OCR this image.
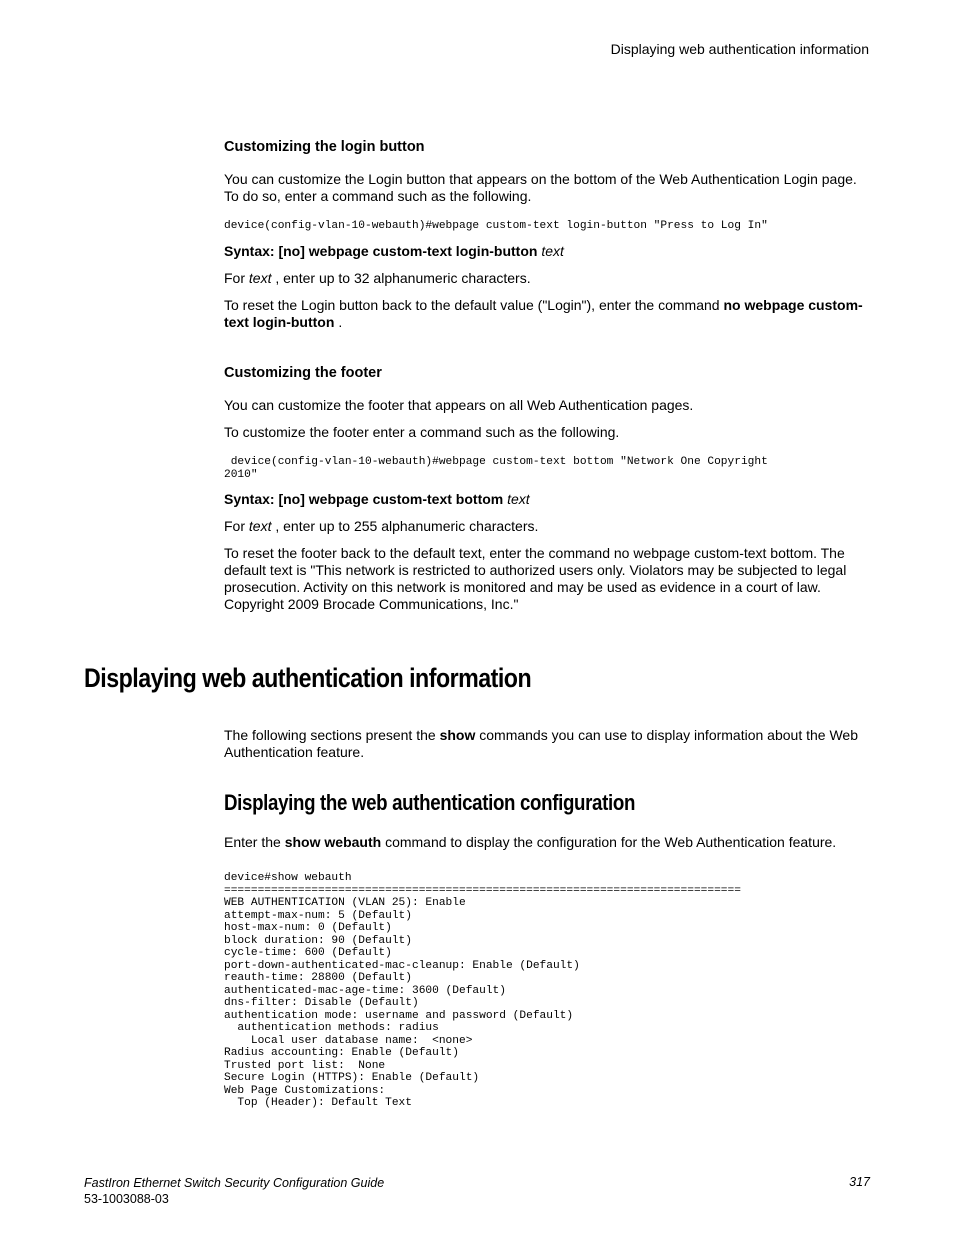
Displaying web authentication information
Customizing the login button

You can customize the Login button that appears on the bottom of the Web Authentication Login page. To do so, enter a command such as the following.

device(config-vlan-10-webauth)#webpage custom-text login-button "Press to Log In"

Syntax: [no] webpage custom-text login-button text

For text , enter up to 32 alphanumeric characters.

To reset the Login button back to the default value ("Login"), enter the command no webpage custom-text login-button .

Customizing the footer

You can customize the footer that appears on all Web Authentication pages.

To customize the footer enter a command such as the following.

device(config-vlan-10-webauth)#webpage custom-text bottom "Network One Copyright
2010"

Syntax: [no] webpage custom-text bottom text

For text , enter up to 255 alphanumeric characters.

To reset the footer back to the default text, enter the command no webpage custom-text bottom. The default text is "This network is restricted to authorized users only. Violators may be subjected to legal prosecution. Activity on this network is monitored and may be used as evidence in a court of law. Copyright 2009 Brocade Communications, Inc."

Displaying web authentication information

The following sections present the show commands you can use to display information about the Web Authentication feature.

Displaying the web authentication configuration

Enter the show webauth command to display the configuration for the Web Authentication feature.

device#show webauth
=============================================================================
WEB AUTHENTICATION (VLAN 25): Enable
attempt-max-num: 5 (Default)
host-max-num: 0 (Default)
block duration: 90 (Default)
cycle-time: 600 (Default)
port-down-authenticated-mac-cleanup: Enable (Default)
reauth-time: 28800 (Default)
authenticated-mac-age-time: 3600 (Default)
dns-filter: Disable (Default)
authentication mode: username and password (Default)
authentication methods: radius
Local user database name:  <none>
Radius accounting: Enable (Default)
Trusted port list:  None
Secure Login (HTTPS): Enable (Default)
Web Page Customizations:
Top (Header): Default Text
FastIron Ethernet Switch Security Configuration Guide
53-1003088-03
317
